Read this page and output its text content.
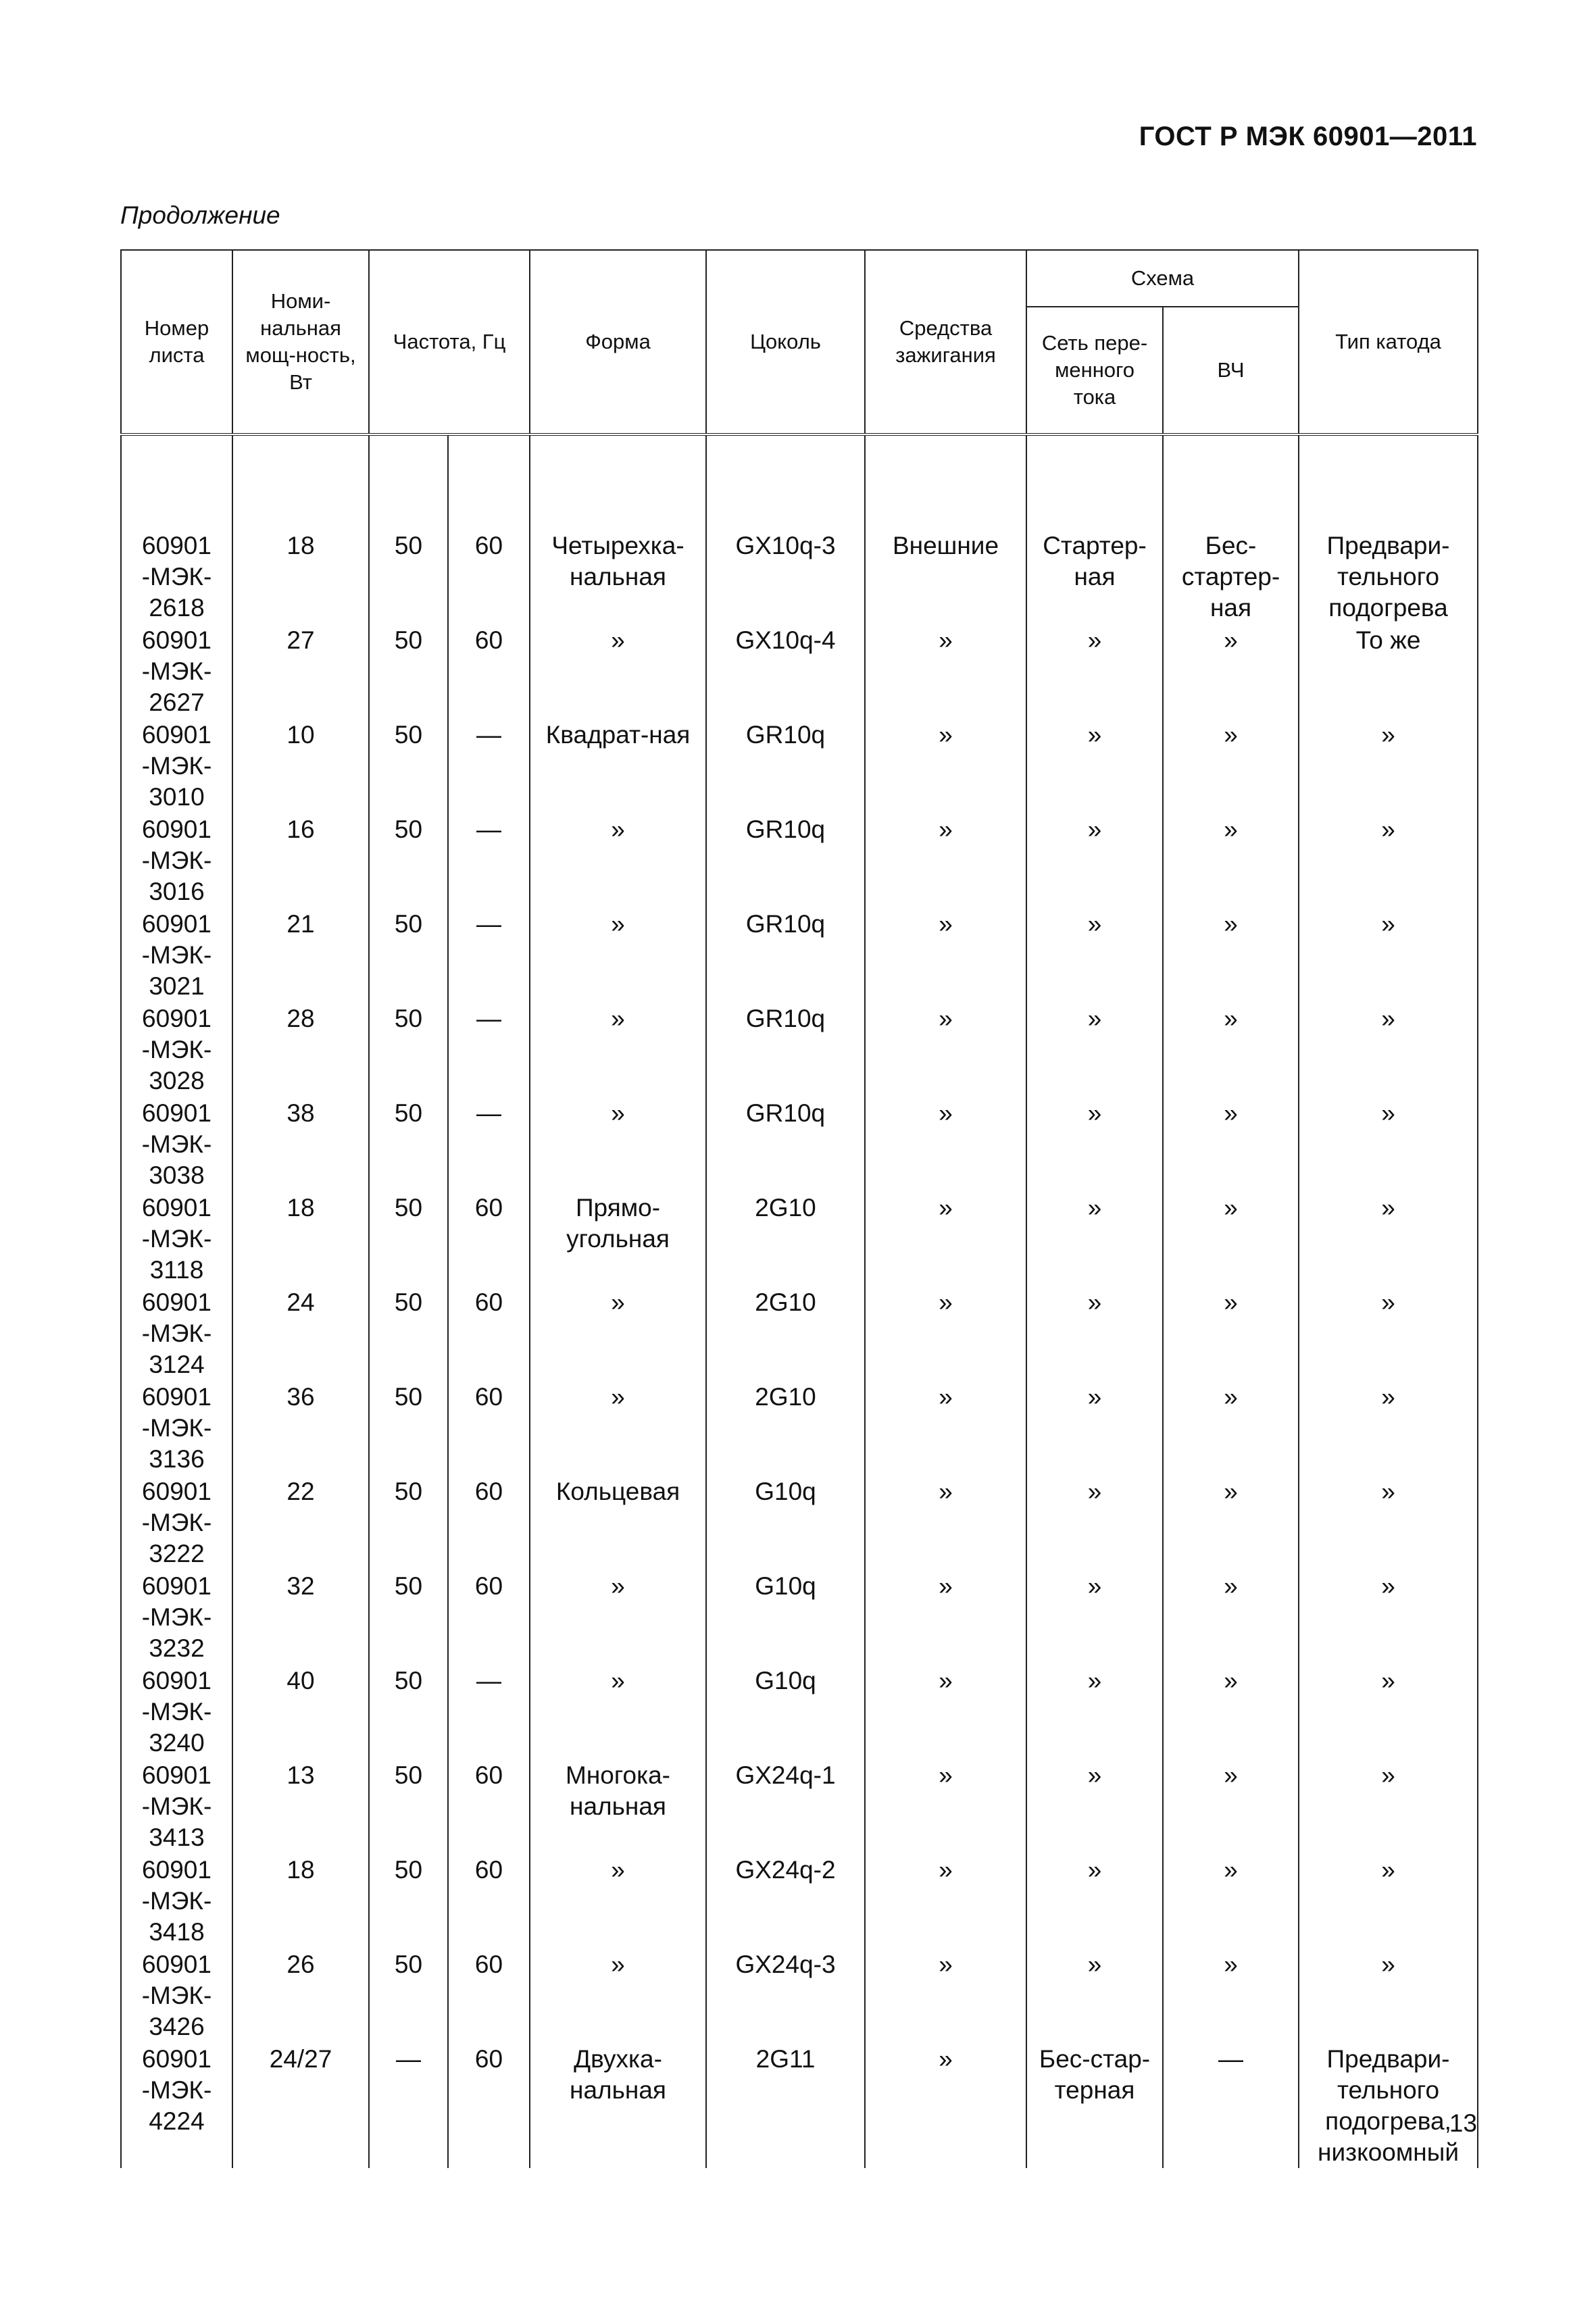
ГОСТ Р МЭК 60901—2011
Продолжение
Номер листа	Номи-нальная мощ-ность, Вт	Частота, Гц		Форма	Цоколь	Средства зажигания	Схема		Тип катода
							Сеть пере-менного тока	ВЧ	

60901 -МЭК- 2618	18	50	60	Четырехка-нальная	GX10q-3	Внешние	Стартер-ная	Бес-стартер-ная	Предвари-тельного подогрева
60901 -МЭК- 2627	27	50	60	»	GX10q-4	»	»	»	То же
60901 -МЭК- 3010	10	50	—	Квадрат-ная	GR10q	»	»	»	»
60901 -МЭК- 3016	16	50	—	»	GR10q	»	»	»	»
60901 -МЭК- 3021	21	50	—	»	GR10q	»	»	»	»
60901 -МЭК- 3028	28	50	—	»	GR10q	»	»	»	»
60901 -МЭК- 3038	38	50	—	»	GR10q	»	»	»	»
60901 -МЭК- 3118	18	50	60	Прямо-угольная	2G10	»	»	»	»
60901 -МЭК- 3124	24	50	60	»	2G10	»	»	»	»
60901 -МЭК- 3136	36	50	60	»	2G10	»	»	»	»
60901 -МЭК- 3222	22	50	60	Кольцевая	G10q	»	»	»	»
60901 -МЭК- 3232	32	50	60	»	G10q	»	»	»	»
60901 -МЭК- 3240	40	50	—	»	G10q	»	»	»	»
60901 -МЭК- 3413	13	50	60	Многока-нальная	GX24q-1	»	»	»	»
60901 -МЭК- 3418	18	50	60	»	GX24q-2	»	»	»	»
60901 -МЭК- 3426	26	50	60	»	GX24q-3	»	»	»	»
60901 -МЭК- 4224	24/27	—	60	Двухка-нальная	2G11	»	Бес-стар-терная	—	Предвари-тельного подогрева, низкоомный
13
